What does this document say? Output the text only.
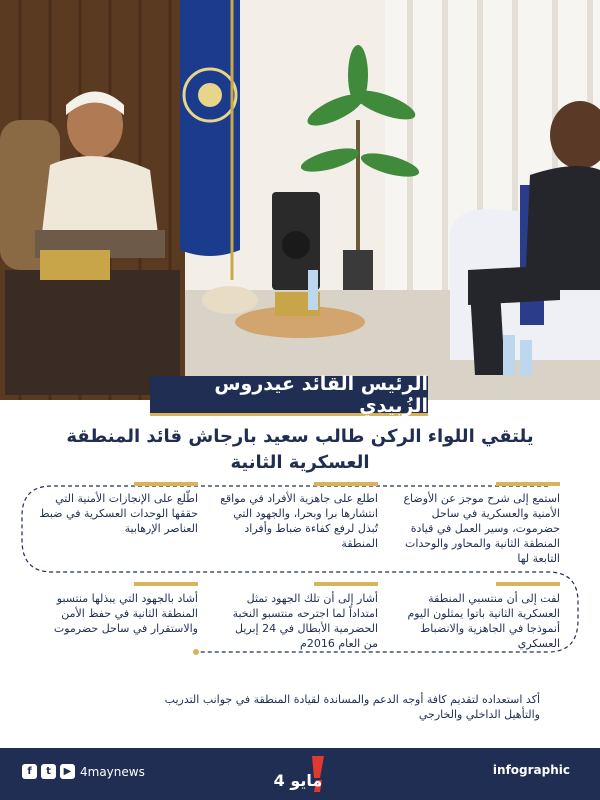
الرئيس القائد عيدروس الزُبيدي
يلتقي اللواء الركن طالب سعيد بارجاش قائد المنطقة
العسكرية الثانية
استمع إلى شرح موجز عن الأوضاع الأمنية والعسكرية في ساحل حضرموت، وسير العمل في قيادة المنطقة الثانية والمحاور والوحدات التابعة لها
اطلع على جاهزية الأفراد في مواقع انتشارها برا وبحرا، والجهود التي تُبذل لرفع كفاءة ضباط وأفراد المنطقة
اطّلع على الإنجازات الأمنية التي حققها الوحدات العسكرية في ضبط العناصر الإرهابية
لفت إلى أن منتسبي المنطقة العسكرية الثانية باتوا يمثلون اليوم أنموذجا في الجاهزية والانضباط العسكري
أشار إلى أن تلك الجهود تمثل امتداداً لما اجترحه منتسبو النخبة الحضرمية الأبطال في 24 إبريل من العام 2016م
أشاد بالجهود التي يبذلها منتسبو المنطقة الثانية في حفظ الأمن والاستقرار في ساحل حضرموت
أكد استعداده لتقديم كافة أوجه الدعم والمساندة لقيادة المنطقة في جوانب التدريب والتأهيل الداخلي والخارجي
f	t	▶ 4maynews	infographic
4 مايو
